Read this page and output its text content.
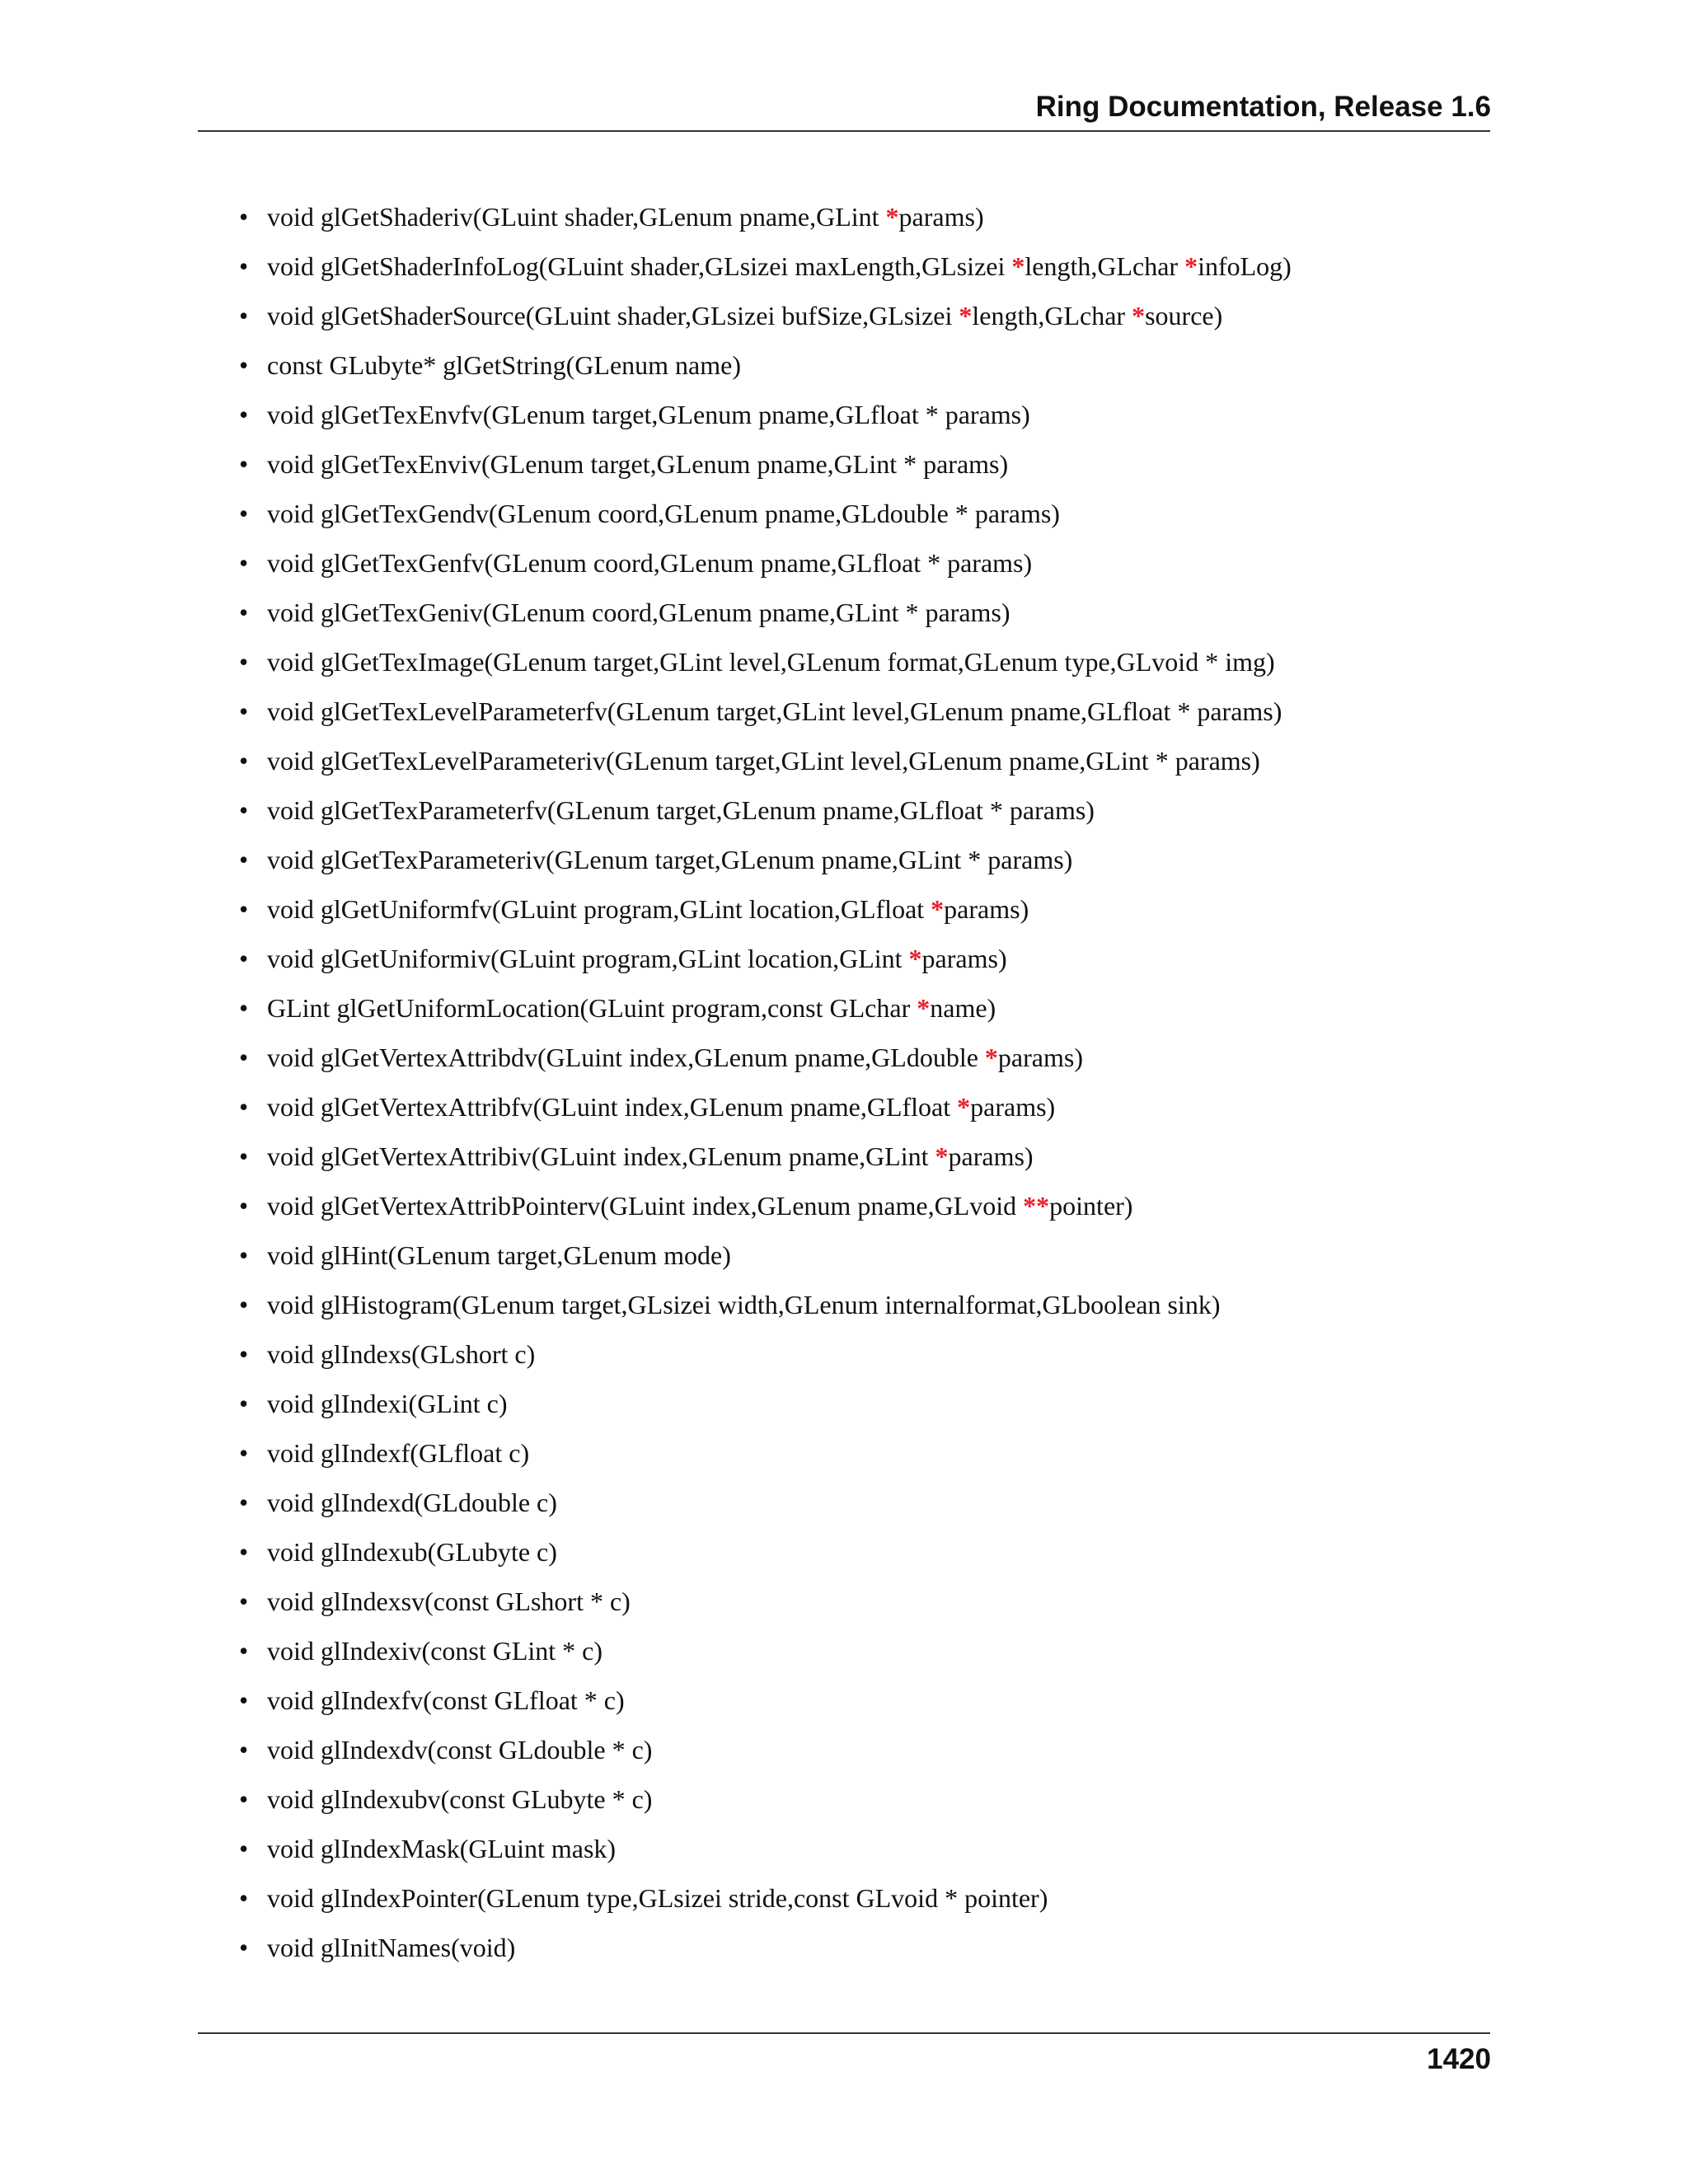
Ring Documentation, Release 1.6
• void glGetShaderiv(GLuint shader,GLenum pname,GLint *params)
• void glGetShaderInfoLog(GLuint shader,GLsizei maxLength,GLsizei *length,GLchar *infoLog)
• void glGetShaderSource(GLuint shader,GLsizei bufSize,GLsizei *length,GLchar *source)
• const GLubyte* glGetString(GLenum name)
• void glGetTexEnvfv(GLenum target,GLenum pname,GLfloat * params)
• void glGetTexEnviv(GLenum target,GLenum pname,GLint * params)
• void glGetTexGendv(GLenum coord,GLenum pname,GLdouble * params)
• void glGetTexGenfv(GLenum coord,GLenum pname,GLfloat * params)
• void glGetTexGeniv(GLenum coord,GLenum pname,GLint * params)
• void glGetTexImage(GLenum target,GLint level,GLenum format,GLenum type,GLvoid * img)
• void glGetTexLevelParameterfv(GLenum target,GLint level,GLenum pname,GLfloat * params)
• void glGetTexLevelParameteriv(GLenum target,GLint level,GLenum pname,GLint * params)
• void glGetTexParameterfv(GLenum target,GLenum pname,GLfloat * params)
• void glGetTexParameteriv(GLenum target,GLenum pname,GLint * params)
• void glGetUniformfv(GLuint program,GLint location,GLfloat *params)
• void glGetUniformiv(GLuint program,GLint location,GLint *params)
• GLint glGetUniformLocation(GLuint program,const GLchar *name)
• void glGetVertexAttribdv(GLuint index,GLenum pname,GLdouble *params)
• void glGetVertexAttribfv(GLuint index,GLenum pname,GLfloat *params)
• void glGetVertexAttribiv(GLuint index,GLenum pname,GLint *params)
• void glGetVertexAttribPointerv(GLuint index,GLenum pname,GLvoid **pointer)
• void glHint(GLenum target,GLenum mode)
• void glHistogram(GLenum target,GLsizei width,GLenum internalformat,GLboolean sink)
• void glIndexs(GLshort c)
• void glIndexi(GLint c)
• void glIndexf(GLfloat c)
• void glIndexd(GLdouble c)
• void glIndexub(GLubyte c)
• void glIndexsv(const GLshort * c)
• void glIndexiv(const GLint * c)
• void glIndexfv(const GLfloat * c)
• void glIndexdv(const GLdouble * c)
• void glIndexubv(const GLubyte * c)
• void glIndexMask(GLuint mask)
• void glIndexPointer(GLenum type,GLsizei stride,const GLvoid * pointer)
• void glInitNames(void)
1420
